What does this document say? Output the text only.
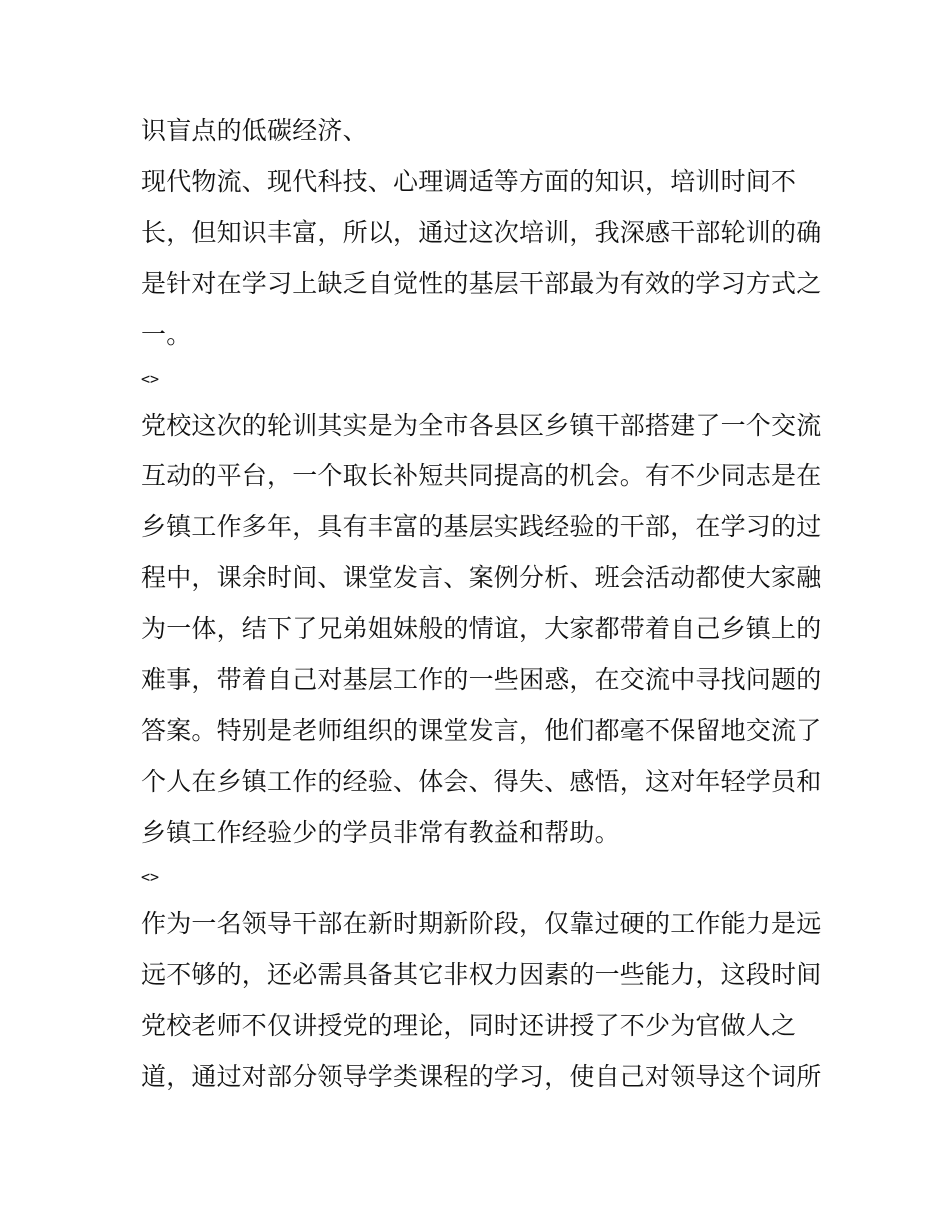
识盲点的低碳经济、
现代物流、现代科技、心理调适等方面的知识，培训时间不
长，但知识丰富，所以，通过这次培训，我深感干部轮训的确
是针对在学习上缺乏自觉性的基层干部最为有效的学习方式之
一。
<>
党校这次的轮训其实是为全市各县区乡镇干部搭建了一个交流
互动的平台，一个取长补短共同提高的机会。有不少同志是在
乡镇工作多年，具有丰富的基层实践经验的干部，在学习的过
程中，课余时间、课堂发言、案例分析、班会活动都使大家融
为一体，结下了兄弟姐妹般的情谊，大家都带着自己乡镇上的
难事，带着自己对基层工作的一些困惑，在交流中寻找问题的
答案。特别是老师组织的课堂发言，他们都毫不保留地交流了
个人在乡镇工作的经验、体会、得失、感悟，这对年轻学员和
乡镇工作经验少的学员非常有教益和帮助。
<>
作为一名领导干部在新时期新阶段，仅靠过硬的工作能力是远
远不够的，还必需具备其它非权力因素的一些能力，这段时间
党校老师不仅讲授党的理论，同时还讲授了不少为官做人之
道，通过对部分领导学类课程的学习，使自己对领导这个词所
